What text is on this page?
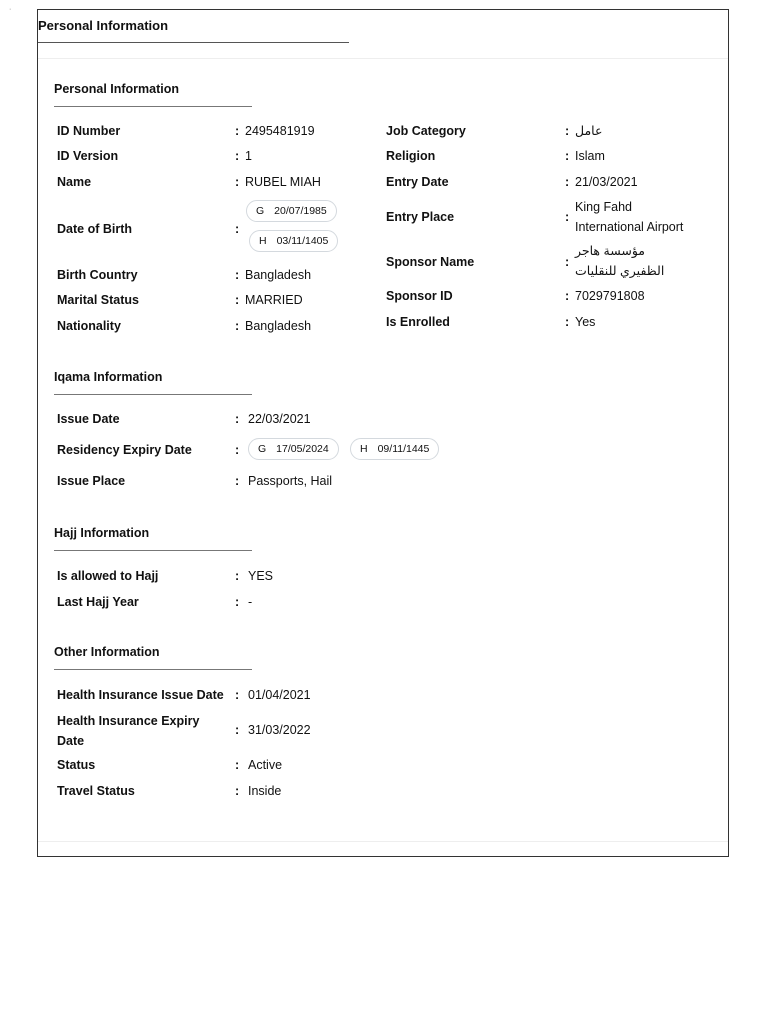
·
Personal Information
Personal Information
ID Number	: 2495481919
ID Version	: 1
Name	: RUBEL MIAH
Date of Birth	:
G 20/07/1985
H 03/11/1405
Birth Country	: Bangladesh
Marital Status	: MARRIED
Nationality	: Bangladesh
Job Category	: عامل
Religion	: Islam
Entry Date	: 21/03/2021
Entry Place	:
King Fahd
International Airport
Sponsor Name	:
مؤسسة هاجر
الظفيري للنقليات
Sponsor ID	: 7029791808
Is Enrolled	: Yes
Iqama Information
Issue Date	: 22/03/2021
Residency Expiry Date	: G 17/05/2024	H 09/11/1445
Issue Place	: Passports, Hail
Hajj Information
Is allowed to Hajj	: YES
Last Hajj Year	: -
Other Information
Health Insurance Issue Date : 01/04/2021
Health Insurance Expiry
Date
: 31/03/2022
Status	: Active
Travel Status	: Inside
